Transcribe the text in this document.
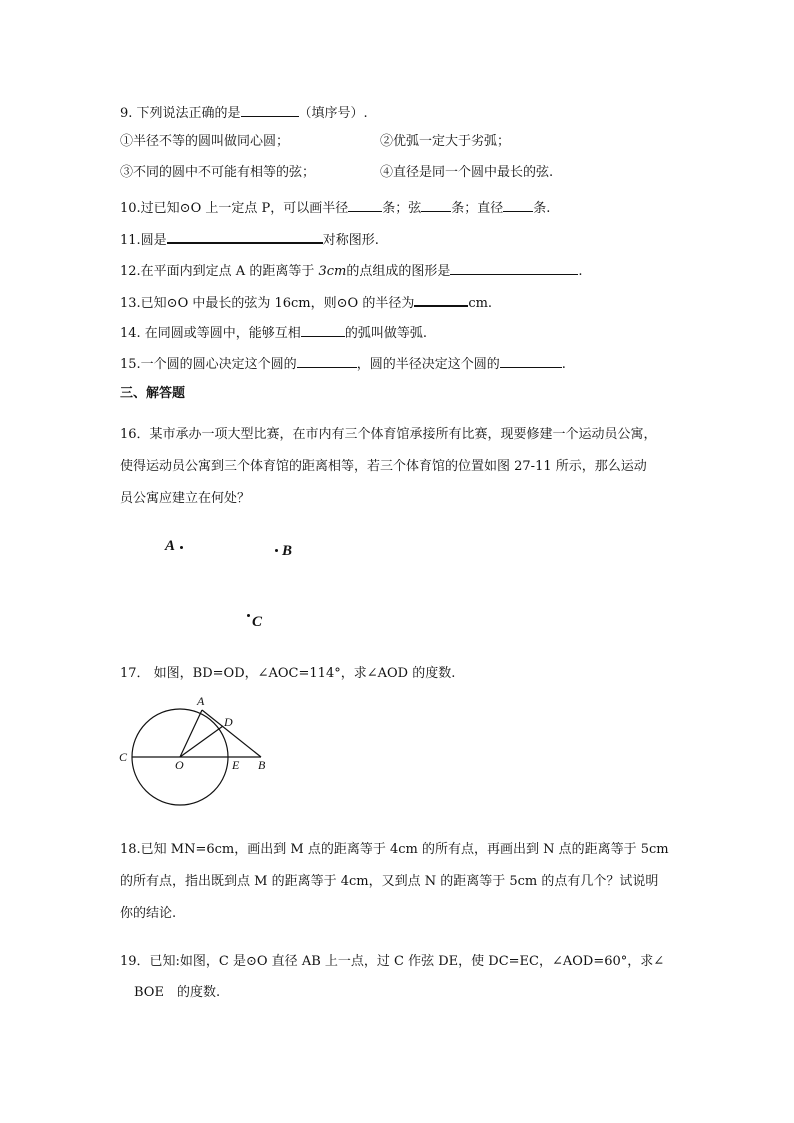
9. 下列说法正确的是	（填序号）.
①半径不等的圆叫做同心圆；	②优弧一定大于劣弧；
③不同的圆中不可能有相等的弦；	④直径是同一个圆中最长的弦.
10.过已知⊙O 上一定点 P，可以画半径	条；弦 条；直径 条.
11.圆是	对称图形.
12.在平面内到定点 A 的距离等于 3cm的点组成的图形是	.
13.已知⊙O 中最长的弦为 16cm，则⊙O 的半径为	cm.
14. 在同圆或等圆中，能够互相	的弧叫做等弧.
15.一个圆的圆心决定这个圆的	，圆的半径决定这个圆的	.
三、解答题
16．某市承办一项大型比赛，在市内有三个体育馆承接所有比赛，现要修建一个运动员公寓，
使得运动员公寓到三个体育馆的距离相等，若三个体育馆的位置如图 27-11 所示，那么运动
员公寓应建立在何处？
A	B
C
17． 如图，BD=OD，∠AOC=114°，求∠AOD 的度数.
A
D
C
O	E B
18.已知 MN=6cm，画出到 M 点的距离等于 4cm 的所有点，再画出到 N 点的距离等于 5cm
的所有点，指出既到点 M 的距离等于 4cm，又到点 N 的距离等于 5cm 的点有几个？试说明
你的结论.
19．已知:如图，C 是⊙O 直径 AB 上一点，过 C 作弦 DE，使 DC=EC，∠AOD=60°，求∠
BOE　的度数.
